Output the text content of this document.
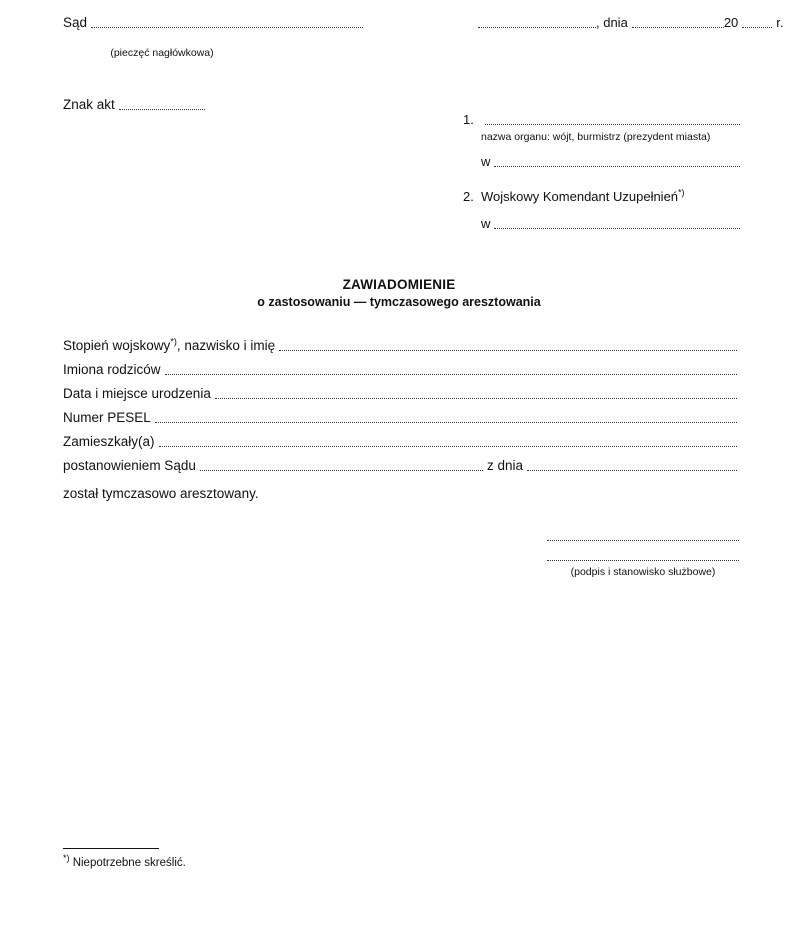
Sąd
(pieczęć nagłówkowa)
Znak akt
, dnia	20	r.
1.
nazwa organu: wójt, burmistrz (prezydent miasta)
w
2. Wojskowy Komendant Uzupełnień*)
w
ZAWIADOMIENIE
o zastosowaniu — tymczasowego aresztowania
Stopień wojskowy*), nazwisko i imię
Imiona rodziców
Data i miejsce urodzenia
Numer PESEL
Zamieszkały(a)
postanowieniem Sądu	z dnia
został tymczasowo aresztowany.
(podpis i stanowisko służbowe)
*) Niepotrzebne skreślić.
